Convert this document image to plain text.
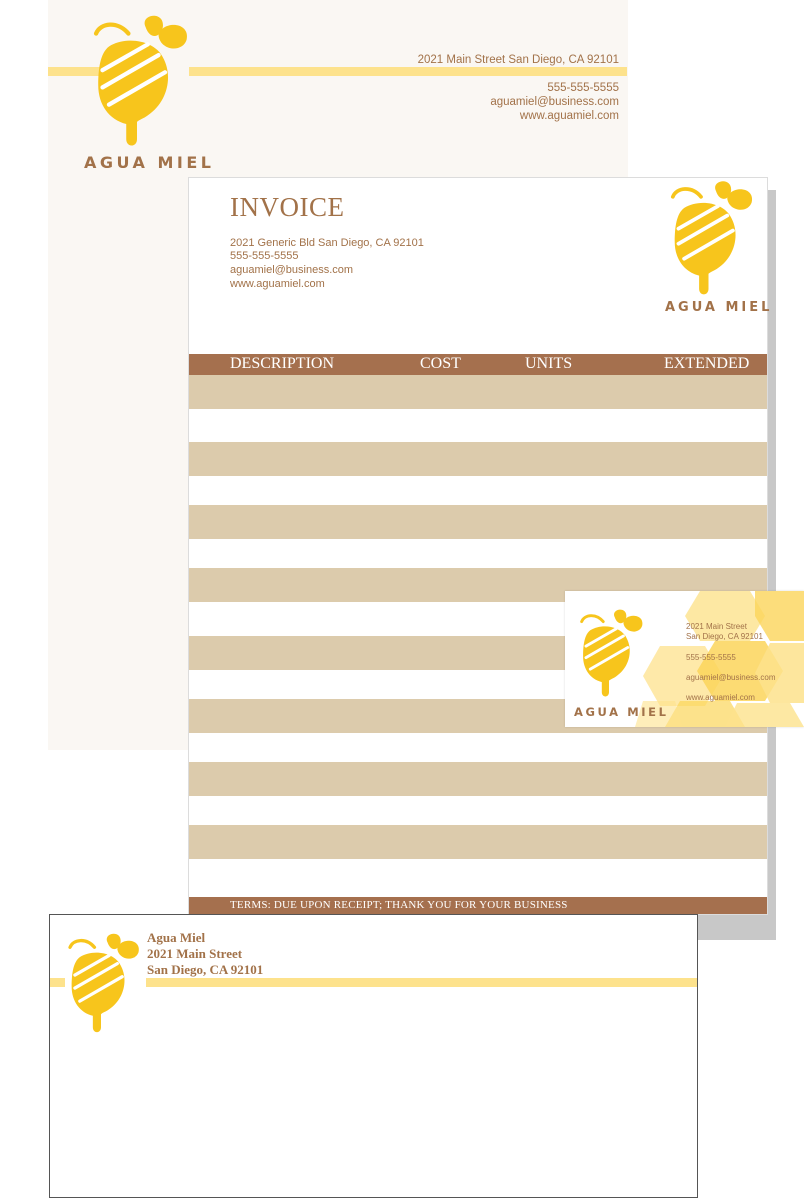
AGUA MIEL
2021 Main Street San Diego, CA 92101
555-555-5555
aguamiel@business.com
www.aguamiel.com
INVOICE
2021 Generic Bld San Diego, CA 92101
555-555-5555
aguamiel@business.com
www.aguamiel.com
AGUA MIEL
DESCRIPTION	COST	UNITS	EXTENDED
TERMS: DUE UPON RECEIPT; THANK YOU FOR YOUR BUSINESS
AGUA MIEL
2021 Main Street
San Diego, CA 92101
555-555-5555
aguamiel@business.com
www.aguamiel.com
Agua Miel
2021 Main Street
San Diego, CA 92101
